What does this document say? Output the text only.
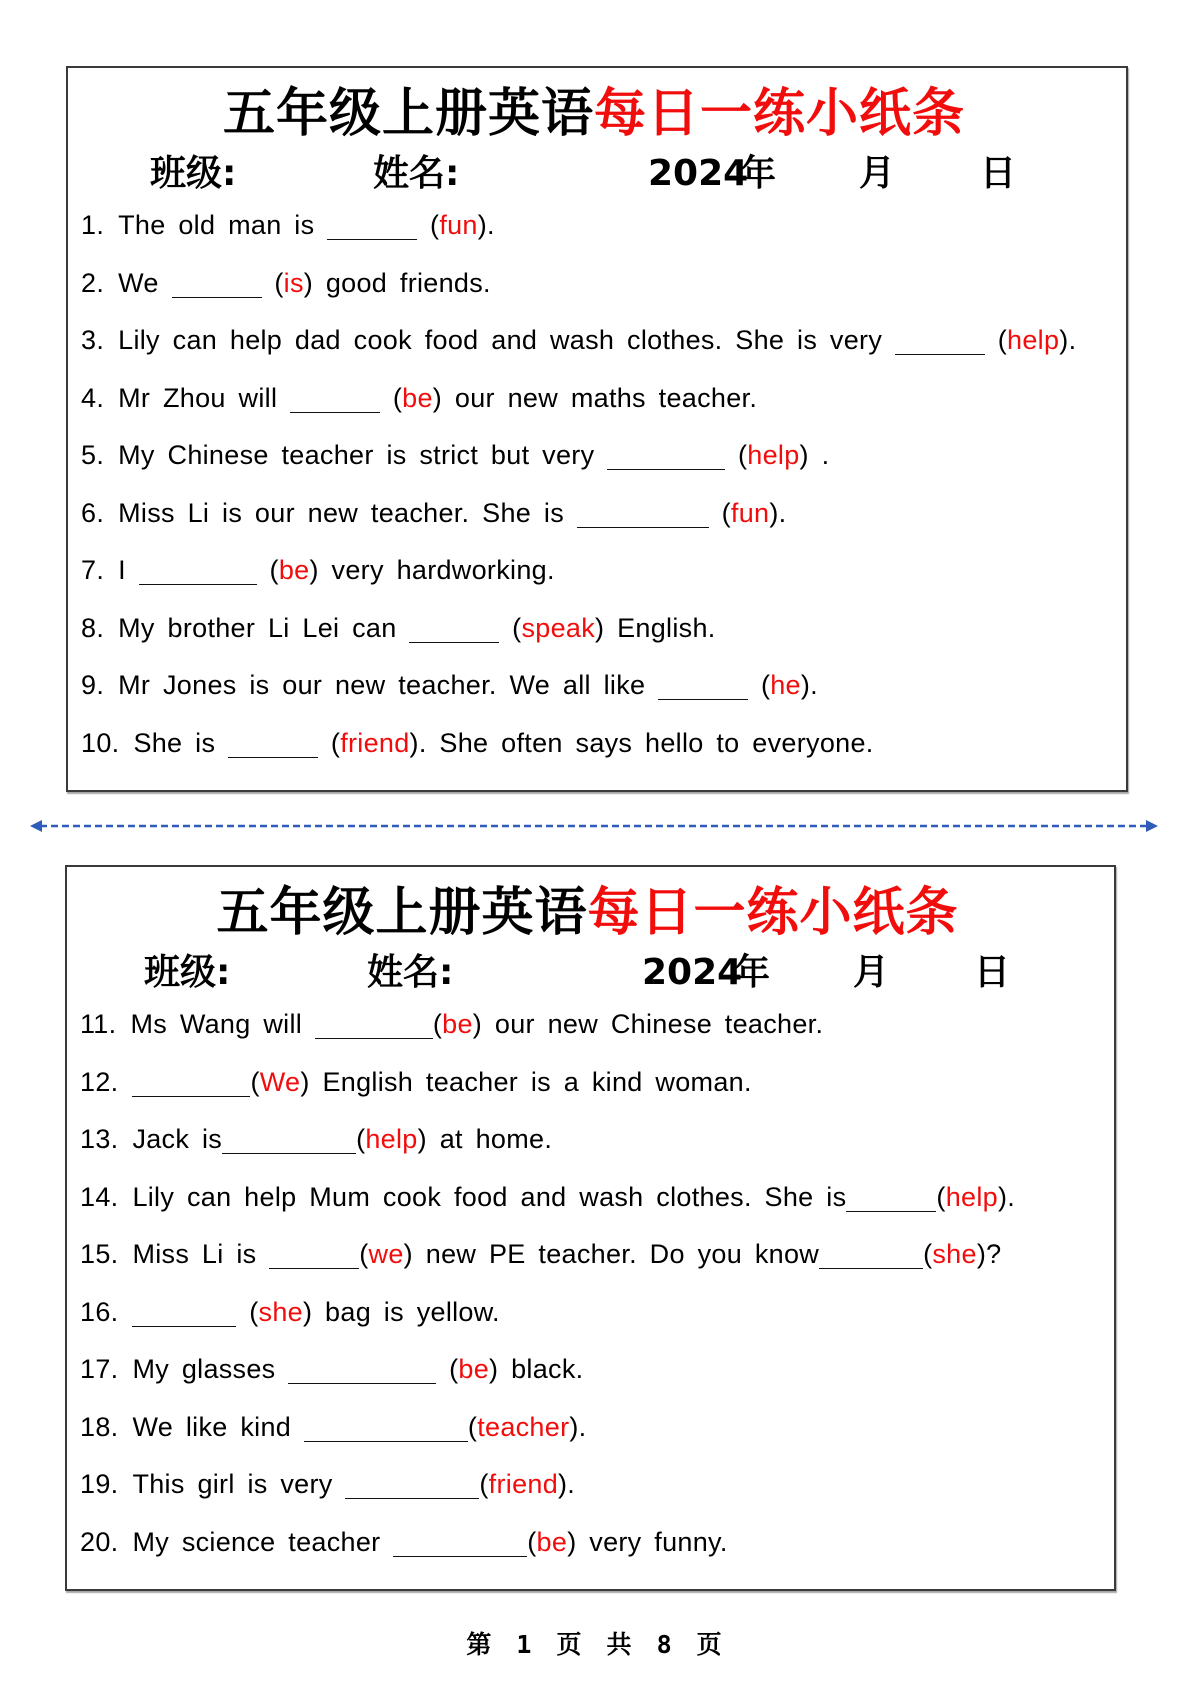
五年级上册英语每日一练小纸条
班级:	姓名:	2024
年 月 日
1. The old man is	(fun).
2. We	(is) good friends.
3. Lily can help dad cook food and wash clothes. She is very	(help).
4. Mr Zhou will	(be) our new maths teacher.
5. My Chinese teacher is strict but very	(help) .
6. Miss Li is our new teacher. She is	(fun).
7. I	(be) very hardworking.
8. My brother Li Lei can	(speak) English.
9. Mr Jones is our new teacher. We all like	(he).
10. She is	(friend). She often says hello to everyone.
五年级上册英语每日一练小纸条
班级:	姓名:	2024
年 月 日
11. Ms Wang will	(be) our new Chinese teacher.
12.	(We) English teacher is a kind woman.
13. Jack is	(help) at home.
14. Lily can help Mum cook food and wash clothes. She is	(help).
15. Miss Li is	(we) new PE teacher. Do you know	(she)?
16.	(she) bag is yellow.
17. My glasses	(be) black.
18. We like kind	(teacher).
19. This girl is very	(friend).
20. My science teacher	(be) very funny.
第 1 页 共 8 页
